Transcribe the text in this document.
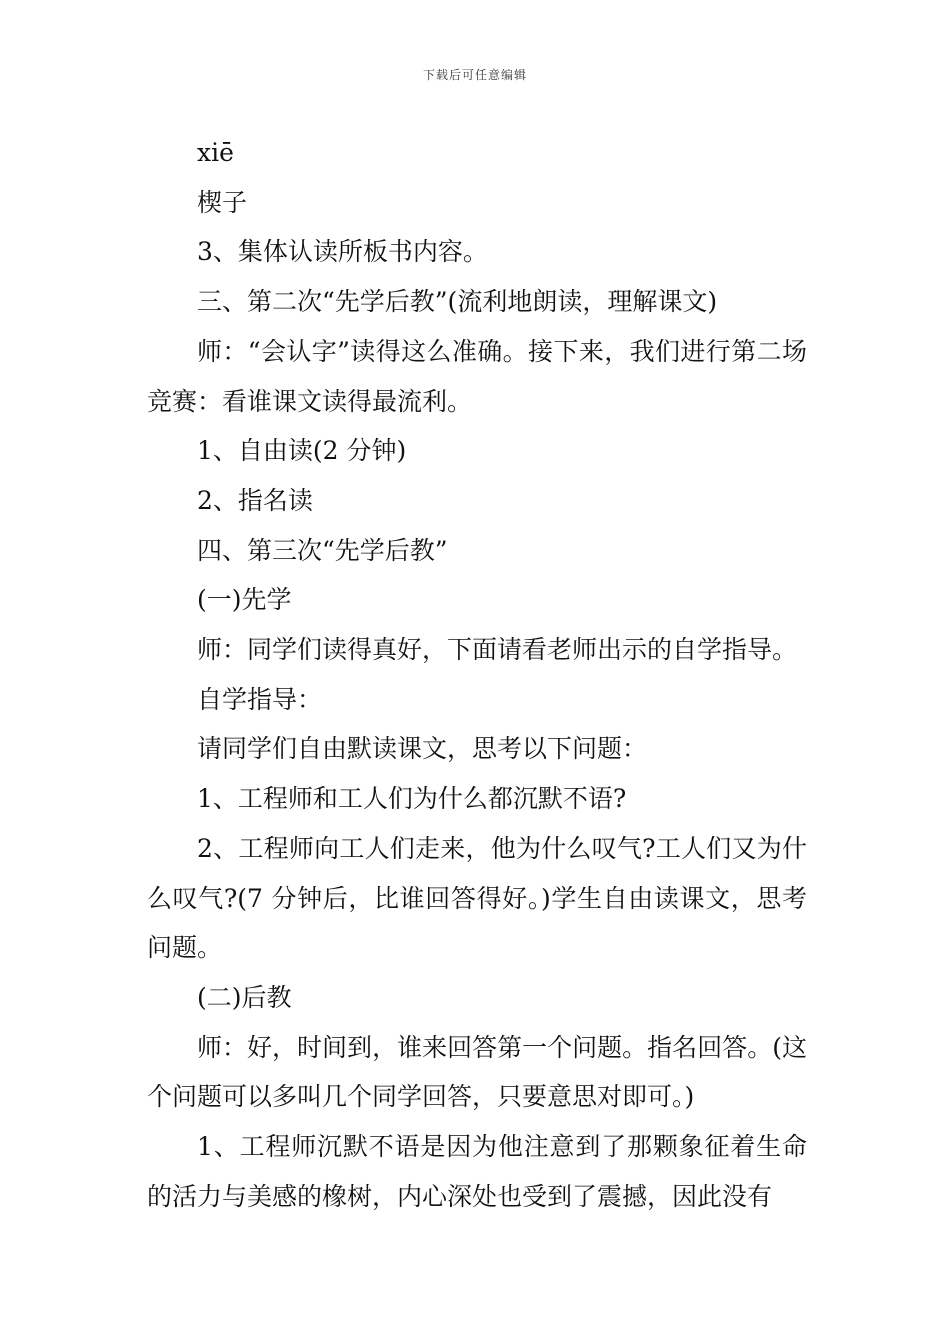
下载后可任意编辑

xiē

楔子

3、集体认读所板书内容。

三、第二次“先学后教”(流利地朗读，理解课文)

师：“会认字”读得这么准确。接下来，我们进行第二场竞赛：看谁课文读得最流利。

1、自由读(2 分钟)

2、指名读

四、第三次“先学后教”

(一)先学

师：同学们读得真好，下面请看老师出示的自学指导。

自学指导：

请同学们自由默读课文，思考以下问题：

1、工程师和工人们为什么都沉默不语?

2、工程师向工人们走来，他为什么叹气?工人们又为什么叹气?(7 分钟后，比谁回答得好。)学生自由读课文，思考问题。

(二)后教

师：好，时间到，谁来回答第一个问题。指名回答。(这个问题可以多叫几个同学回答，只要意思对即可。)

1、工程师沉默不语是因为他注意到了那颗象征着生命的活力与美感的橡树，内心深处也受到了震撼，因此没有
